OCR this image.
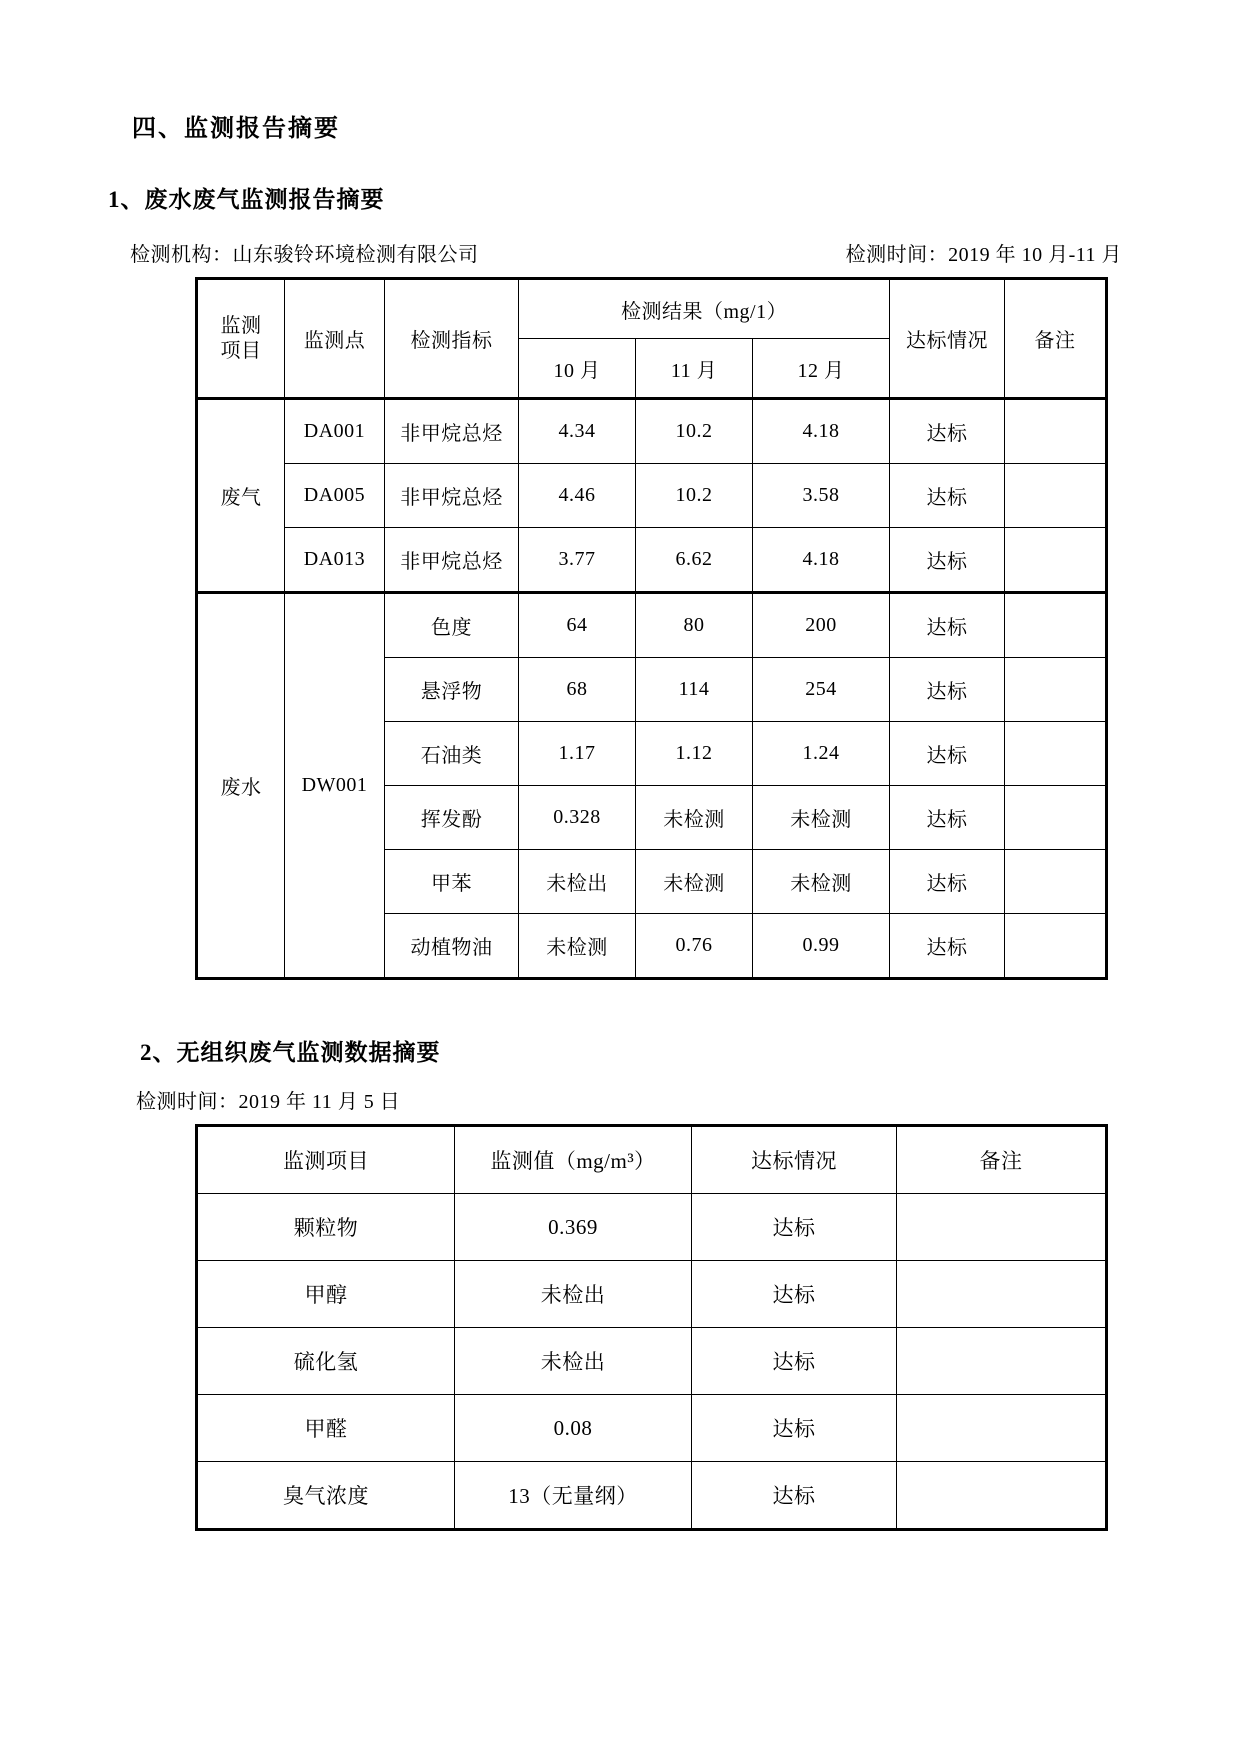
四、监测报告摘要
1、废水废气监测报告摘要
检测机构：山东骏铃环境检测有限公司	检测时间：2019 年 10 月-11 月
监测
项目	监测点	检测指标	检测结果（mg/1）			达标情况	备注
			10 月	11 月	12 月		
废气	DA001	非甲烷总烃	4.34	10.2	4.18	达标	
	DA005	非甲烷总烃	4.46	10.2	3.58	达标	
	DA013	非甲烷总烃	3.77	6.62	4.18	达标	
废水	DW001	色度	64	80	200	达标	
		悬浮物	68	114	254	达标	
		石油类	1.17	1.12	1.24	达标	
		挥发酚	0.328	未检测	未检测	达标	
		甲苯	未检出	未检测	未检测	达标	
		动植物油	未检测	0.76	0.99	达标	
2、无组织废气监测数据摘要
检测时间：2019 年 11 月 5 日
监测项目	监测值（mg/m³）	达标情况	备注
颗粒物	0.369	达标	
甲醇	未检出	达标	
硫化氢	未检出	达标	
甲醛	0.08	达标	
臭气浓度	13（无量纲）	达标	
